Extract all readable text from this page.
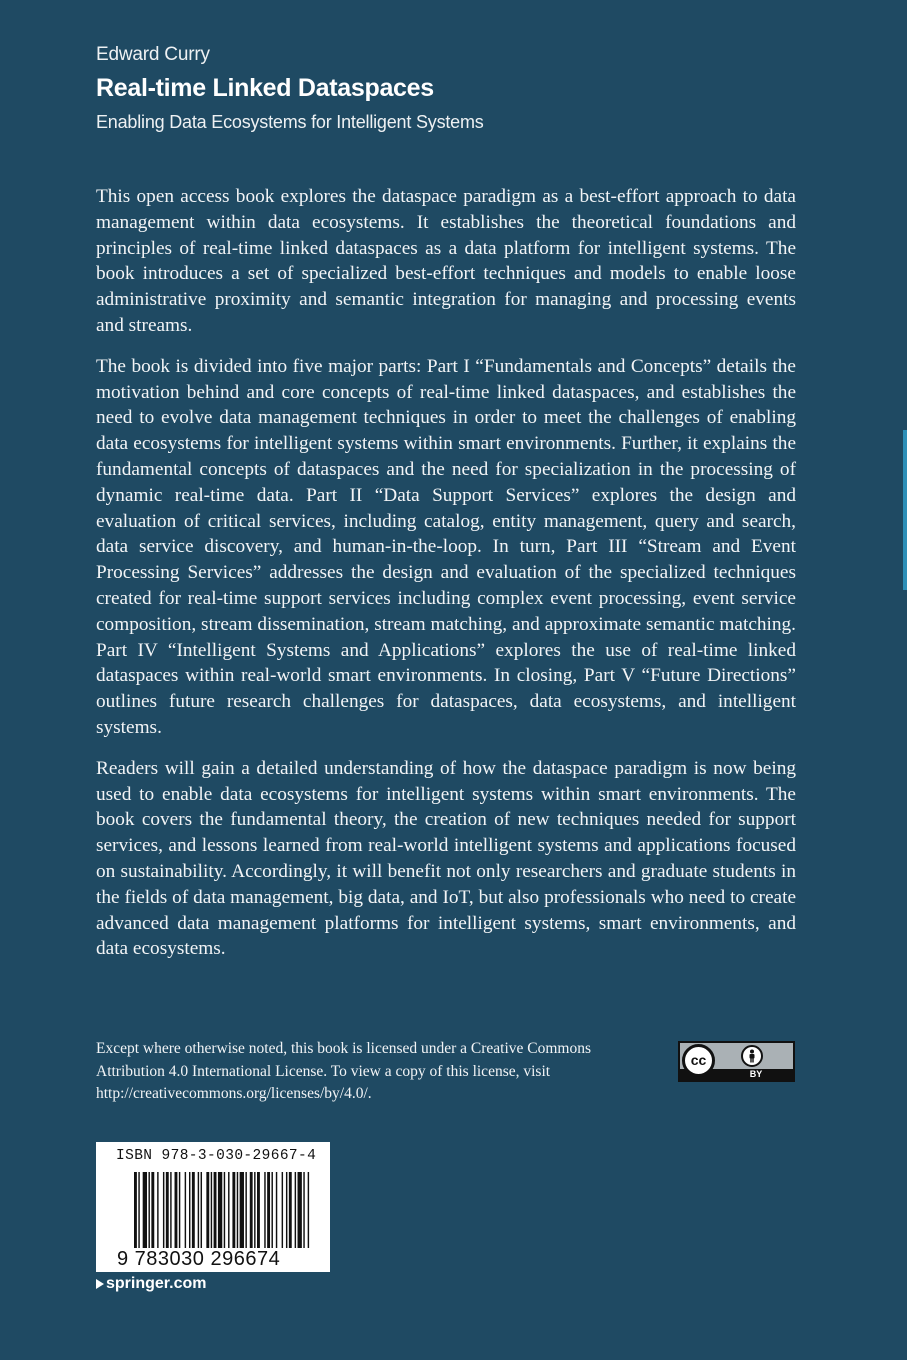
Edward Curry
Real-time Linked Dataspaces
Enabling Data Ecosystems for Intelligent Systems

This open access book explores the dataspace paradigm as a best-effort approach to data management within data ecosystems. It establishes the theoretical foundations and principles of real-time linked dataspaces as a data platform for intelligent systems. The book introduces a set of specialized best-effort techniques and models to enable loose administrative proximity and semantic integration for managing and processing events and streams.

The book is divided into five major parts: Part I “Fundamentals and Concepts” details the motivation behind and core concepts of real-time linked dataspaces, and establishes the need to evolve data management techniques in order to meet the challenges of enabling data ecosystems for intelligent systems within smart environments. Further, it explains the fundamental concepts of dataspaces and the need for specialization in the processing of dynamic real-time data. Part II “Data Support Services” explores the design and evaluation of critical services, including catalog, entity management, query and search, data service discovery, and human-in-the-loop. In turn, Part III “Stream and Event Processing Services” addresses the design and evaluation of the specialized techniques created for real-time support services including complex event processing, event service composition, stream dissemination, stream matching, and approximate semantic matching. Part IV “Intelligent Systems and Applications” explores the use of real-time linked dataspaces within real-world smart environments. In closing, Part V “Future Directions” outlines future research challenges for dataspaces, data ecosystems, and intelligent systems.

Readers will gain a detailed understanding of how the dataspace paradigm is now being used to enable data ecosystems for intelligent systems within smart environments. The book covers the fundamental theory, the creation of new techniques needed for support services, and lessons learned from real-world intelligent systems and applications focused on sustainability. Accordingly, it will benefit not only researchers and graduate students in the fields of data management, big data, and IoT, but also professionals who need to create advanced data management platforms for intelligent systems, smart environments, and data ecosystems.

Except where otherwise noted, this book is licensed under a Creative Commons Attribution 4.0 International License. To view a copy of this license, visit http://creativecommons.org/licenses/by/4.0/.
cc
BY
ISBN 978-3-030-29667-4
9 783030 296674
springer.com
